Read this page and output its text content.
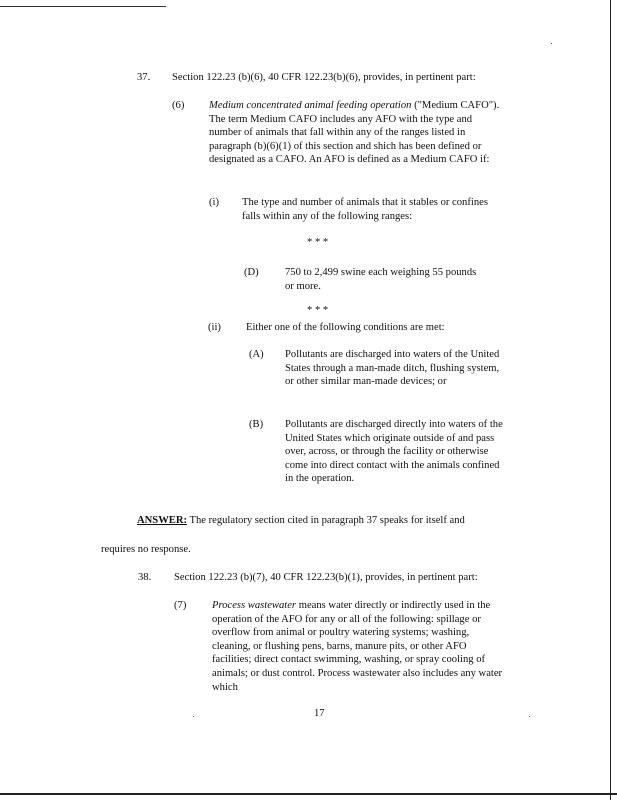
37. Section 122.23 (b)(6), 40 CFR 122.23(b)(6), provides, in pertinent part:
(6) Medium concentrated animal feeding operation ("Medium CAFO"). The term Medium CAFO includes any AFO with the type and number of animals that fall within any of the ranges listed in paragraph (b)(6)(1) of this section and shich has been defined or designated as a CAFO. An AFO is defined as a Medium CAFO if:

(i) The type and number of animals that it stables or confines falls within any of the following ranges:

* * *
(D) 750 to 2,499 swine each weighing 55 pounds or more.

* * *
(ii) Either one of the following conditions are met:
(A) Pollutants are discharged into waters of the United States through a man-made ditch, flushing system, or other similar man-made devices; or

(B) Pollutants are discharged directly into waters of the United States which originate outside of and pass over, across, or through the facility or otherwise come into direct contact with the animals confined in the operation.

ANSWER: The regulatory section cited in paragraph 37 speaks for itself and
requires no response.
38. Section 122.23 (b)(7), 40 CFR 122.23(b)(1), provides, in pertinent part:
(7) Process wastewater means water directly or indirectly used in the operation of the AFO for any or all of the following: spillage or overflow from animal or poultry watering systems; washing, cleaning, or flushing pens, barns, manure pits, or other AFO facilities; direct contact swimming, washing, or spray cooling of animals; or dust control. Process wastewater also includes any water which

17
